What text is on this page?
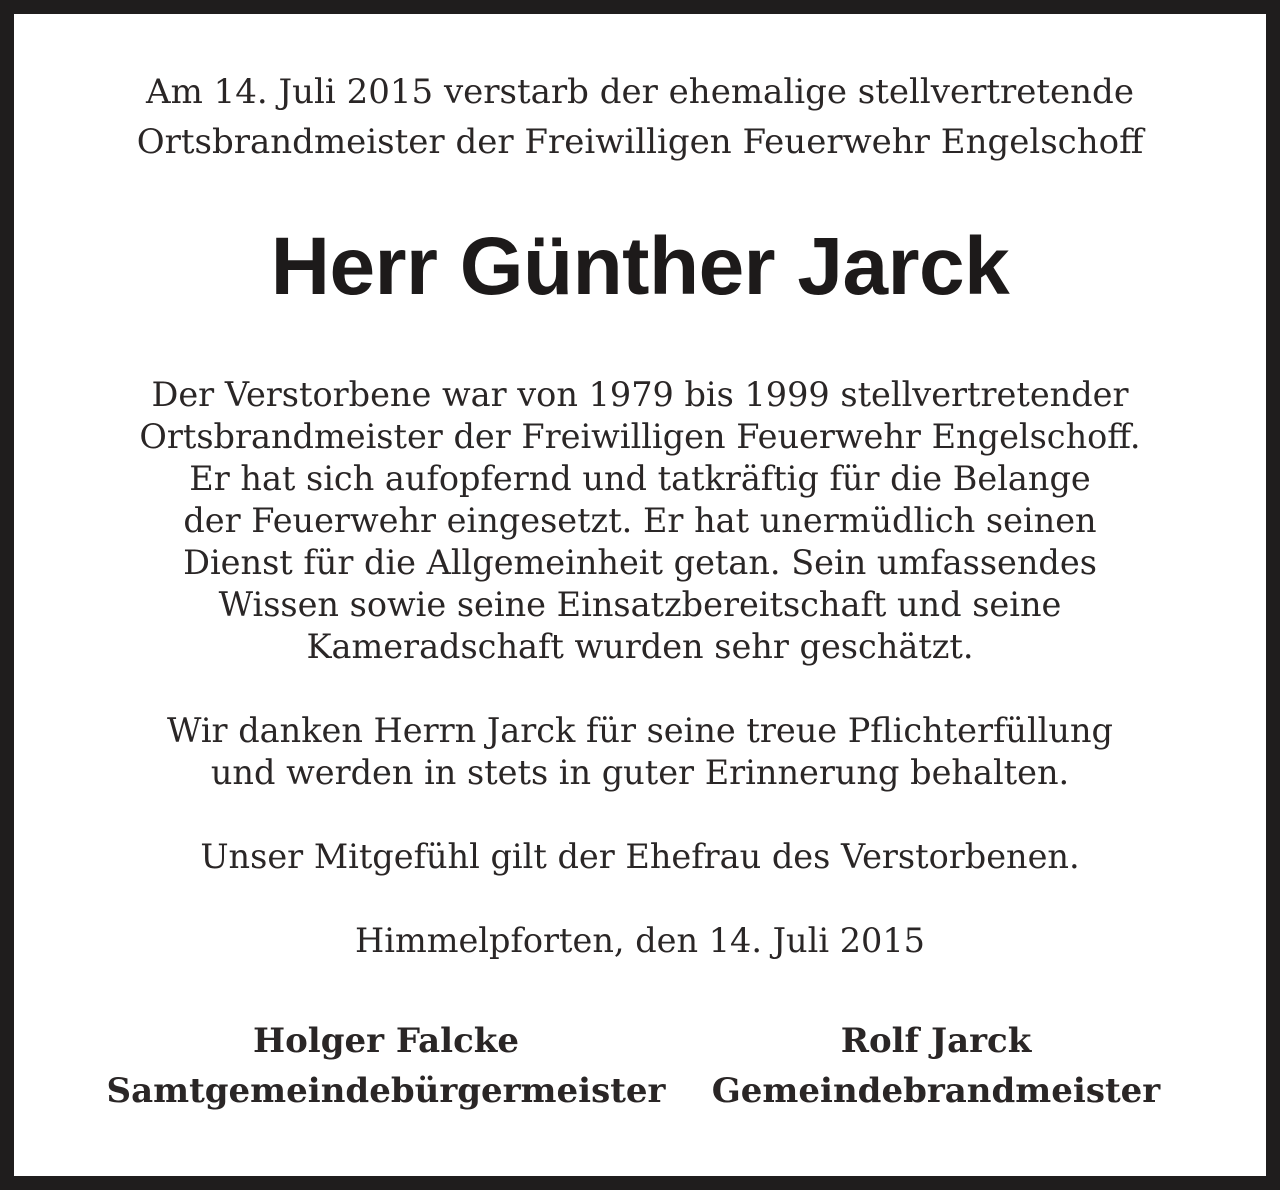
Am 14. Juli 2015 verstarb der ehemalige stellvertretende
Ortsbrandmeister der Freiwilligen Feuerwehr Engelschoff
Herr Günther Jarck
Der Verstorbene war von 1979 bis 1999 stellvertretender
Ortsbrandmeister der Freiwilligen Feuerwehr Engelschoff.
Er hat sich aufopfernd und tatkräftig für die Belange
der Feuerwehr eingesetzt. Er hat unermüdlich seinen
Dienst für die Allgemeinheit getan. Sein umfassendes
Wissen sowie seine Einsatzbereitschaft und seine
Kameradschaft wurden sehr geschätzt.
Wir danken Herrn Jarck für seine treue Pflichterfüllung
und werden in stets in guter Erinnerung behalten.
Unser Mitgefühl gilt der Ehefrau des Verstorbenen.
Himmelpforten, den 14. Juli 2015
Holger Falcke
Samtgemeindebürgermeister
Rolf Jarck
Gemeindebrandmeister
